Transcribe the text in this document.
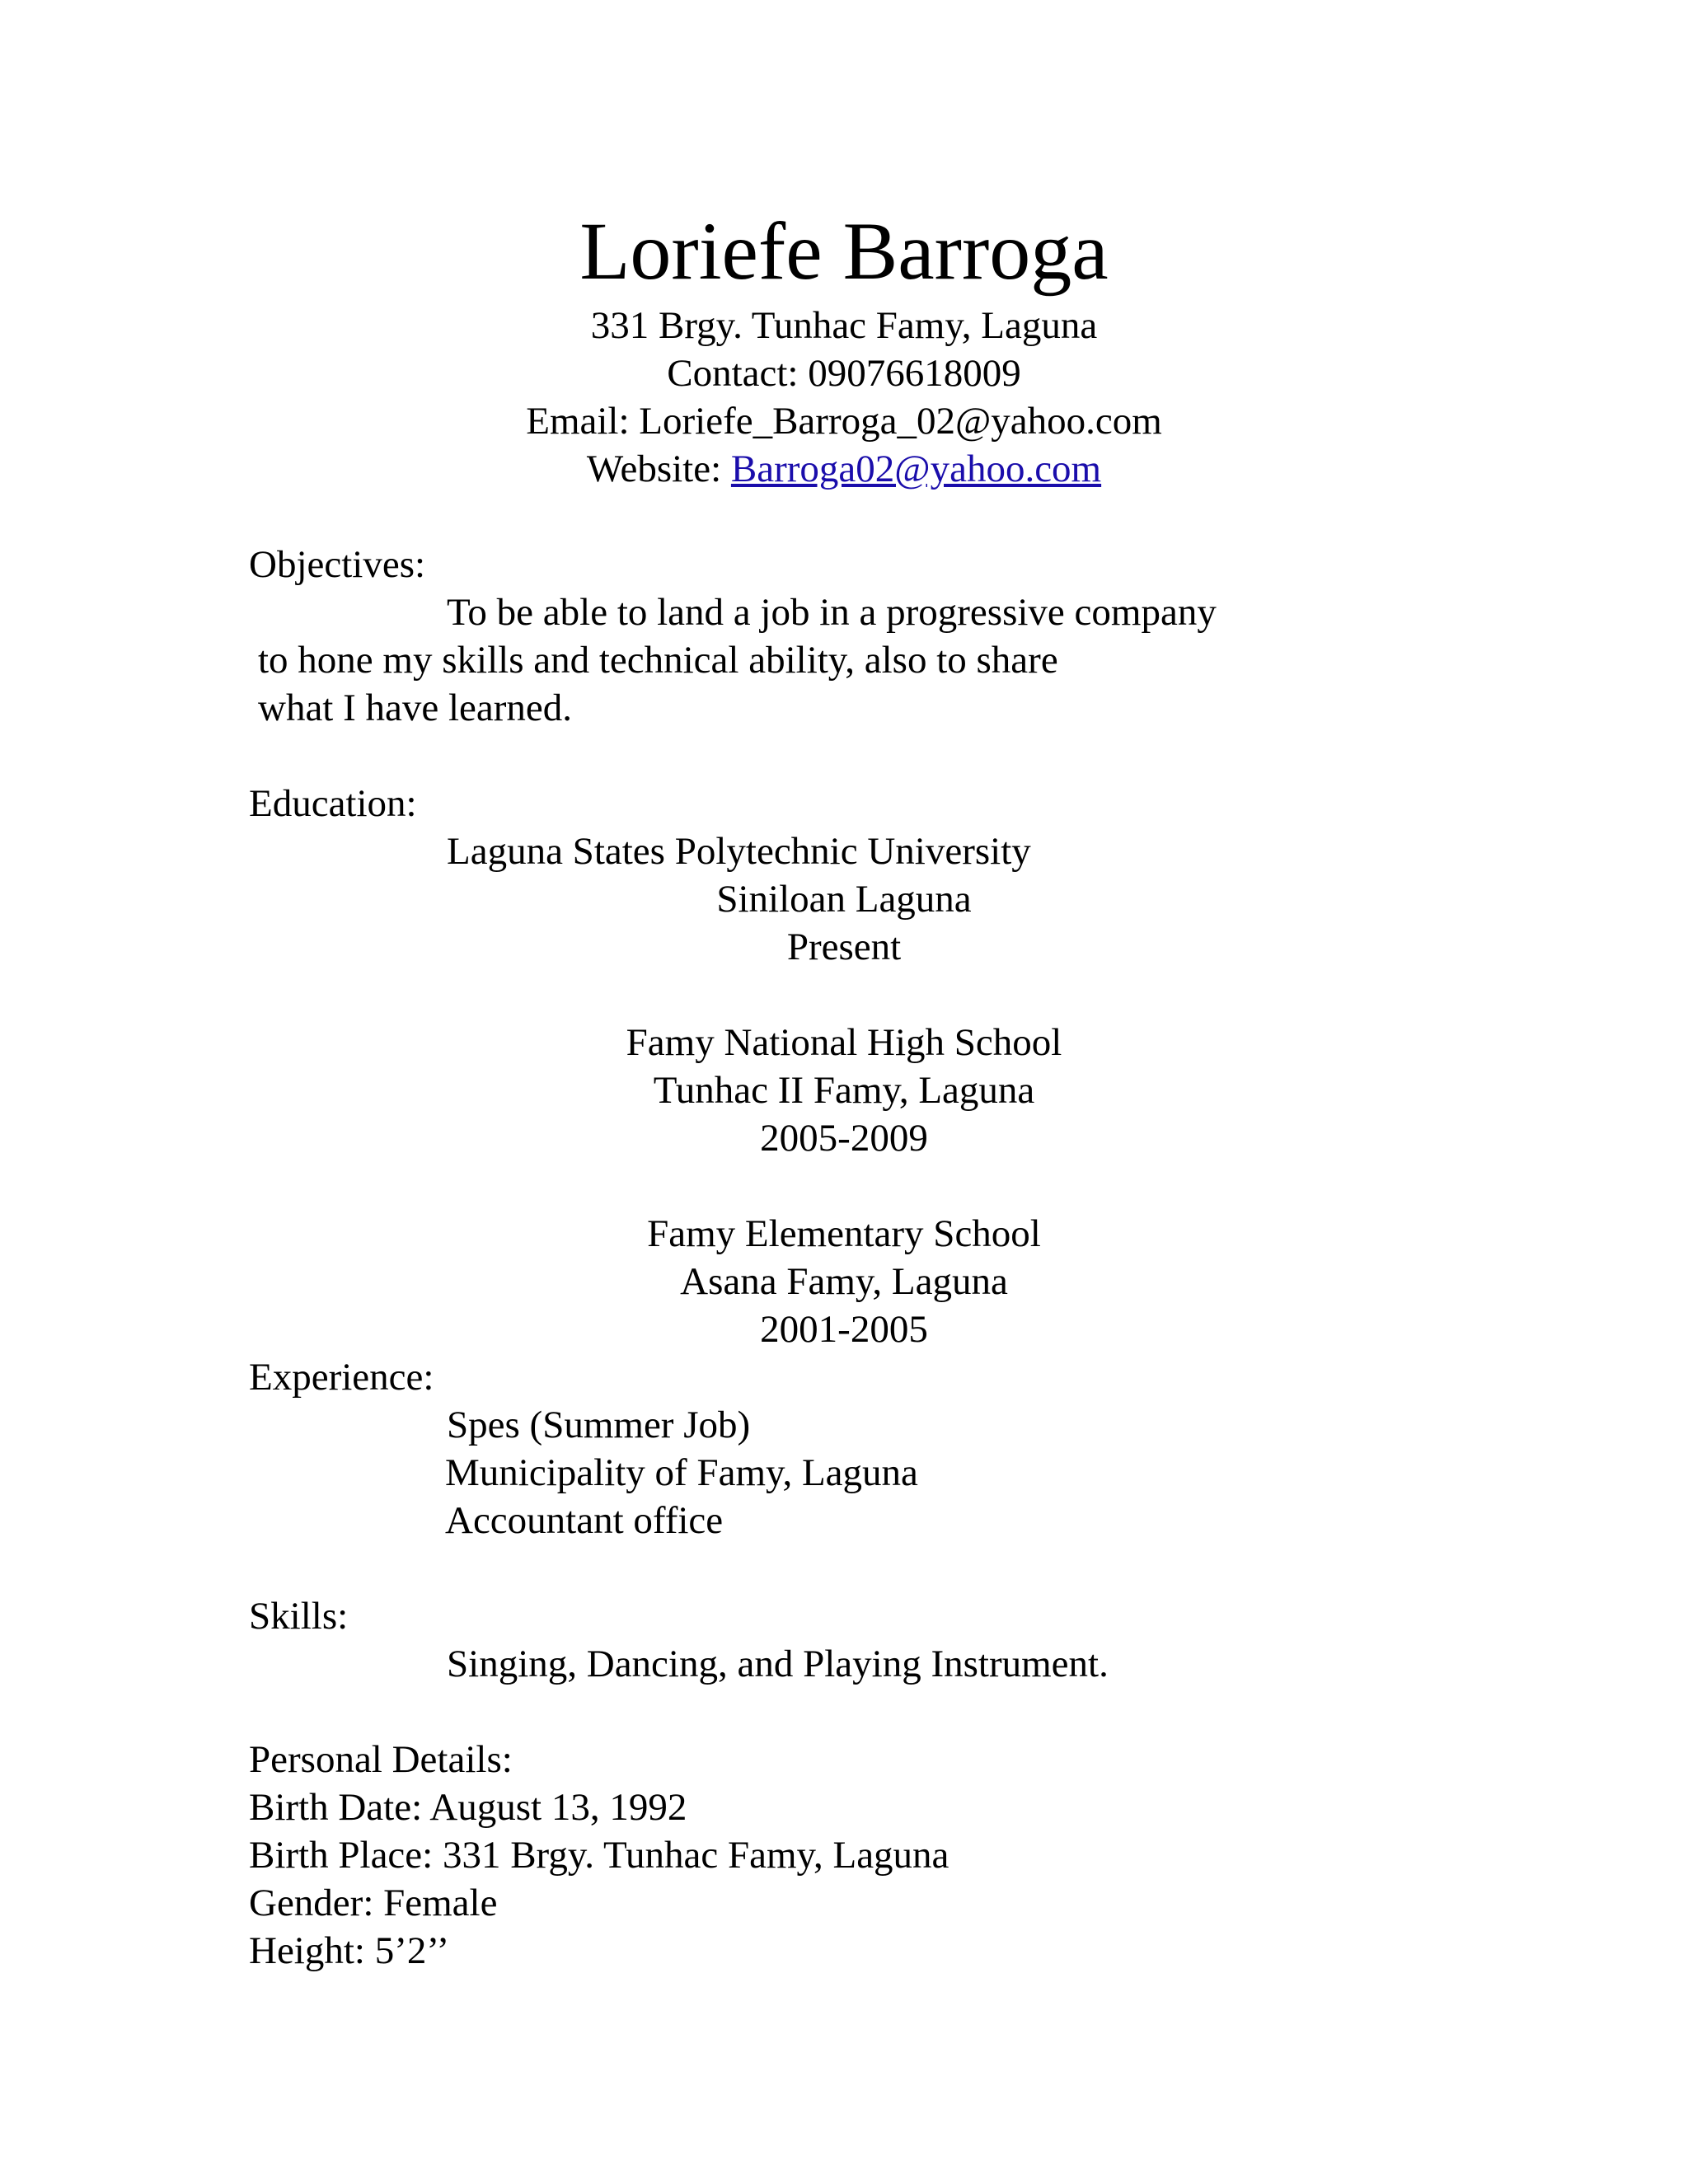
Loriefe Barroga
331 Brgy. Tunhac Famy, Laguna
Contact: 09076618009
Email: Loriefe_Barroga_02@yahoo.com
Website: Barroga02@yahoo.com
Objectives:
To be able to land a job in a progressive company
to hone my skills and technical ability, also to share
what I have learned.
Education:
Laguna States Polytechnic University
Siniloan Laguna
Present
Famy National High School
Tunhac II Famy, Laguna
2005-2009
Famy Elementary School
Asana Famy, Laguna
2001-2005
Experience:
Spes (Summer Job)
Municipality of Famy, Laguna
Accountant office
Skills:
Singing, Dancing, and Playing Instrument.
Personal Details:
Birth Date: August 13, 1992
Birth Place: 331 Brgy. Tunhac Famy, Laguna
Gender: Female
Height: 5’2’’
